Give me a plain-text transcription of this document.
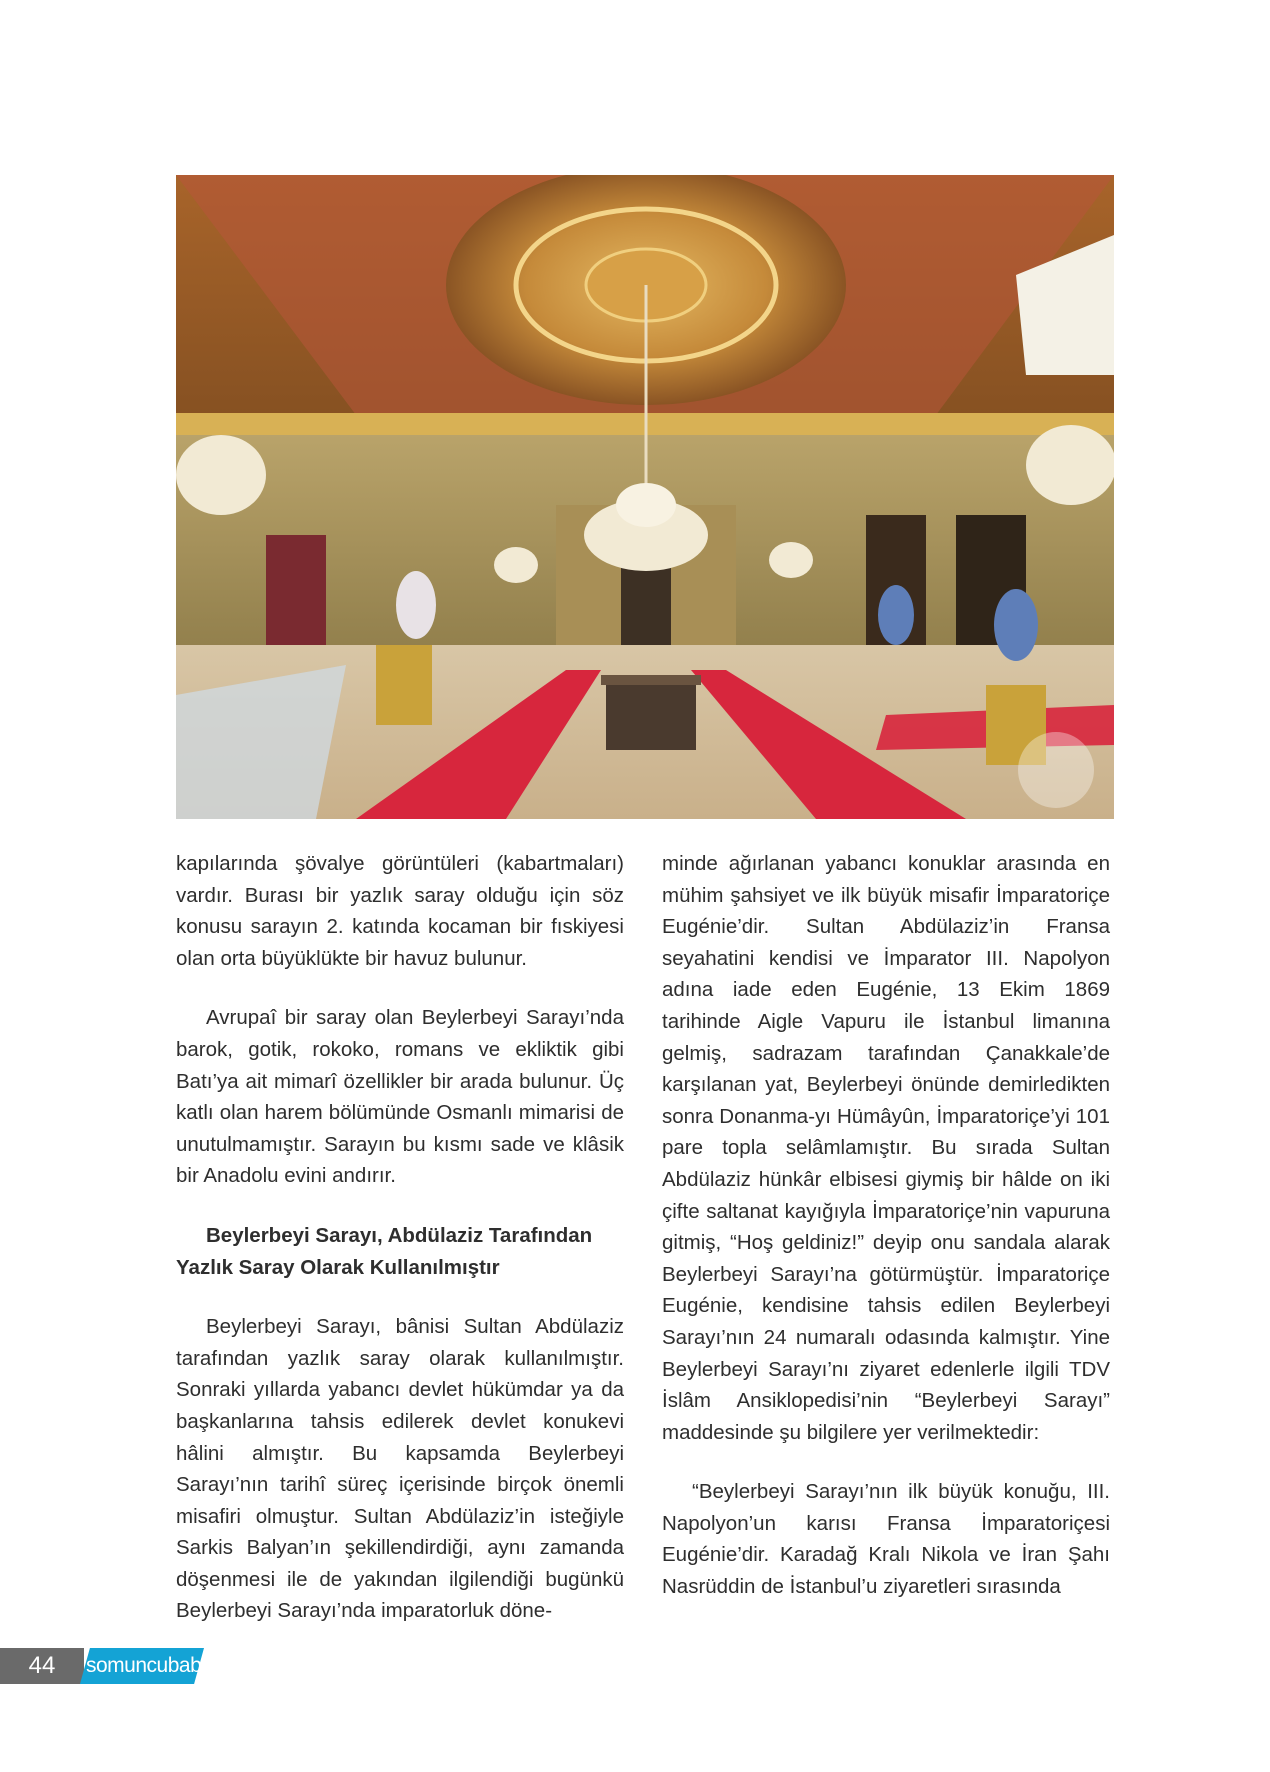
kapılarında şövalye görüntüleri (kabartmaları) vardır. Burası bir yazlık saray olduğu için söz konusu sarayın 2. katında kocaman bir fıskiyesi olan orta büyüklükte bir havuz bulunur.

Avrupaî bir saray olan Beylerbeyi Sarayı’nda barok, gotik, rokoko, romans ve ekliktik gibi Batı’ya ait mimarî özellikler bir arada bulunur. Üç katlı olan harem bölümünde Osmanlı mimarisi de unutulmamıştır. Sarayın bu kısmı sade ve klâsik bir Anadolu evini andırır.

Beylerbeyi Sarayı, Abdülaziz Tarafından Yazlık Saray Olarak Kullanılmıştır

Beylerbeyi Sarayı, bânisi Sultan Abdülaziz tarafından yazlık saray olarak kullanılmıştır. Sonraki yıllarda yabancı devlet hükümdar ya da başkanlarına tahsis edilerek devlet konukevi hâlini almıştır. Bu kapsamda Beylerbeyi Sarayı’nın tarihî süreç içerisinde birçok önemli misafiri olmuştur. Sultan Abdülaziz’in isteğiyle Sarkis Balyan’ın şekillendirdiği, aynı zamanda döşenmesi ile de yakından ilgilendiği bugünkü Beylerbeyi Sarayı’nda imparatorluk döne-

minde ağırlanan yabancı konuklar arasında en mühim şahsiyet ve ilk büyük misafir İmparatoriçe Eugénie’dir. Sultan Abdülaziz’in Fransa seyahatini kendisi ve İmparator III. Napolyon adına iade eden Eugénie, 13 Ekim 1869 tarihinde Aigle Vapuru ile İstanbul limanına gelmiş, sadrazam tarafından Çanakkale’de karşılanan yat, Beylerbeyi önünde demirledikten sonra Donanma-yı Hümâyûn, İmparatoriçe’yi 101 pare topla selâmlamıştır. Bu sırada Sultan Abdülaziz hünkâr elbisesi giymiş bir hâlde on iki çifte saltanat kayığıyla İmparatoriçe’nin vapuruna gitmiş, “Hoş geldiniz!” deyip onu sandala alarak Beylerbeyi Sarayı’na götürmüştür. İmparatoriçe Eugénie, kendisine tahsis edilen Beylerbeyi Sarayı’nın 24 numaralı odasında kalmıştır. Yine Beylerbeyi Sarayı’nı ziyaret edenlerle ilgili TDV İslâm Ansiklopedisi’nin “Beylerbeyi Sarayı” maddesinde şu bilgilere yer verilmektedir:

“Beylerbeyi Sarayı’nın ilk büyük konuğu, III. Napolyon’un karısı Fransa İmparatoriçesi Eugénie’dir. Karadağ Kralı Nikola ve İran Şahı Nasrüddin de İstanbul’u ziyaretleri sırasında

44	somuncubaba
